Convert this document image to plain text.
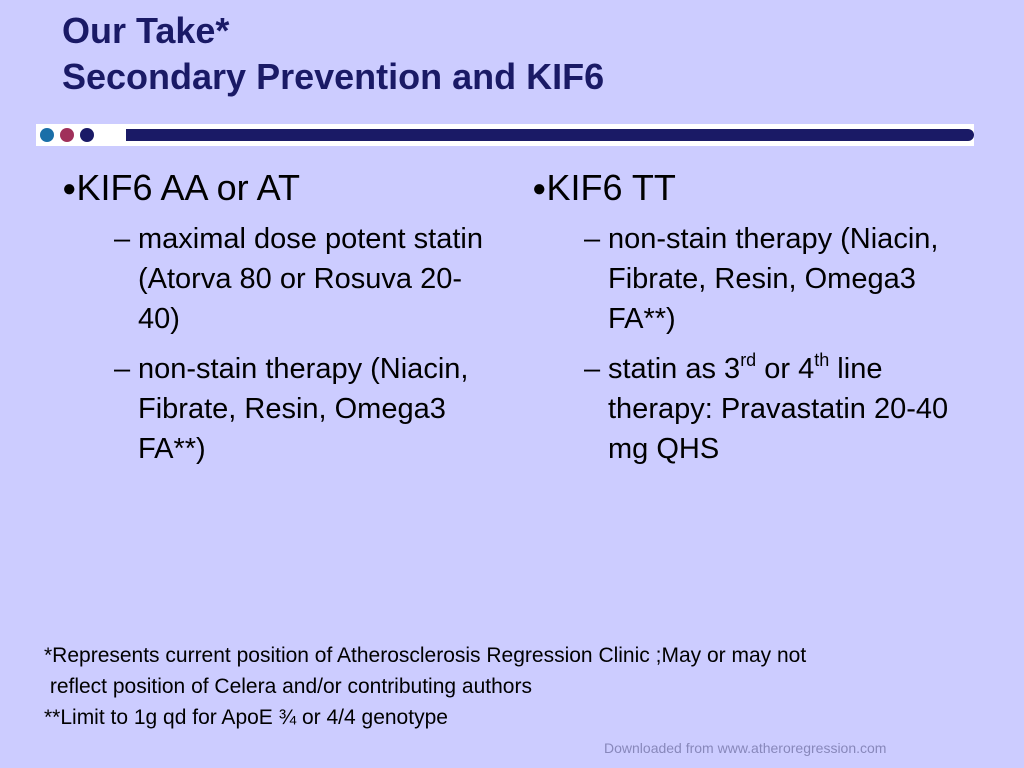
Our Take*
Secondary Prevention and KIF6

●KIF6 AA or AT

– maximal dose potent statin (Atorva 80 or Rosuva 20-40)

– non-stain therapy (Niacin, Fibrate, Resin, Omega3 FA**)

●KIF6 TT

– non-stain therapy (Niacin, Fibrate, Resin, Omega3 FA**)

– statin as 3rd or 4th line therapy: Pravastatin 20-40 mg QHS

*Represents current position of Atherosclerosis Regression Clinic ;May or may not
reflect position of Celera and/or contributing authors
**Limit to 1g qd for ApoE ¾ or 4/4 genotype
Downloaded from www.atheroregression.com
